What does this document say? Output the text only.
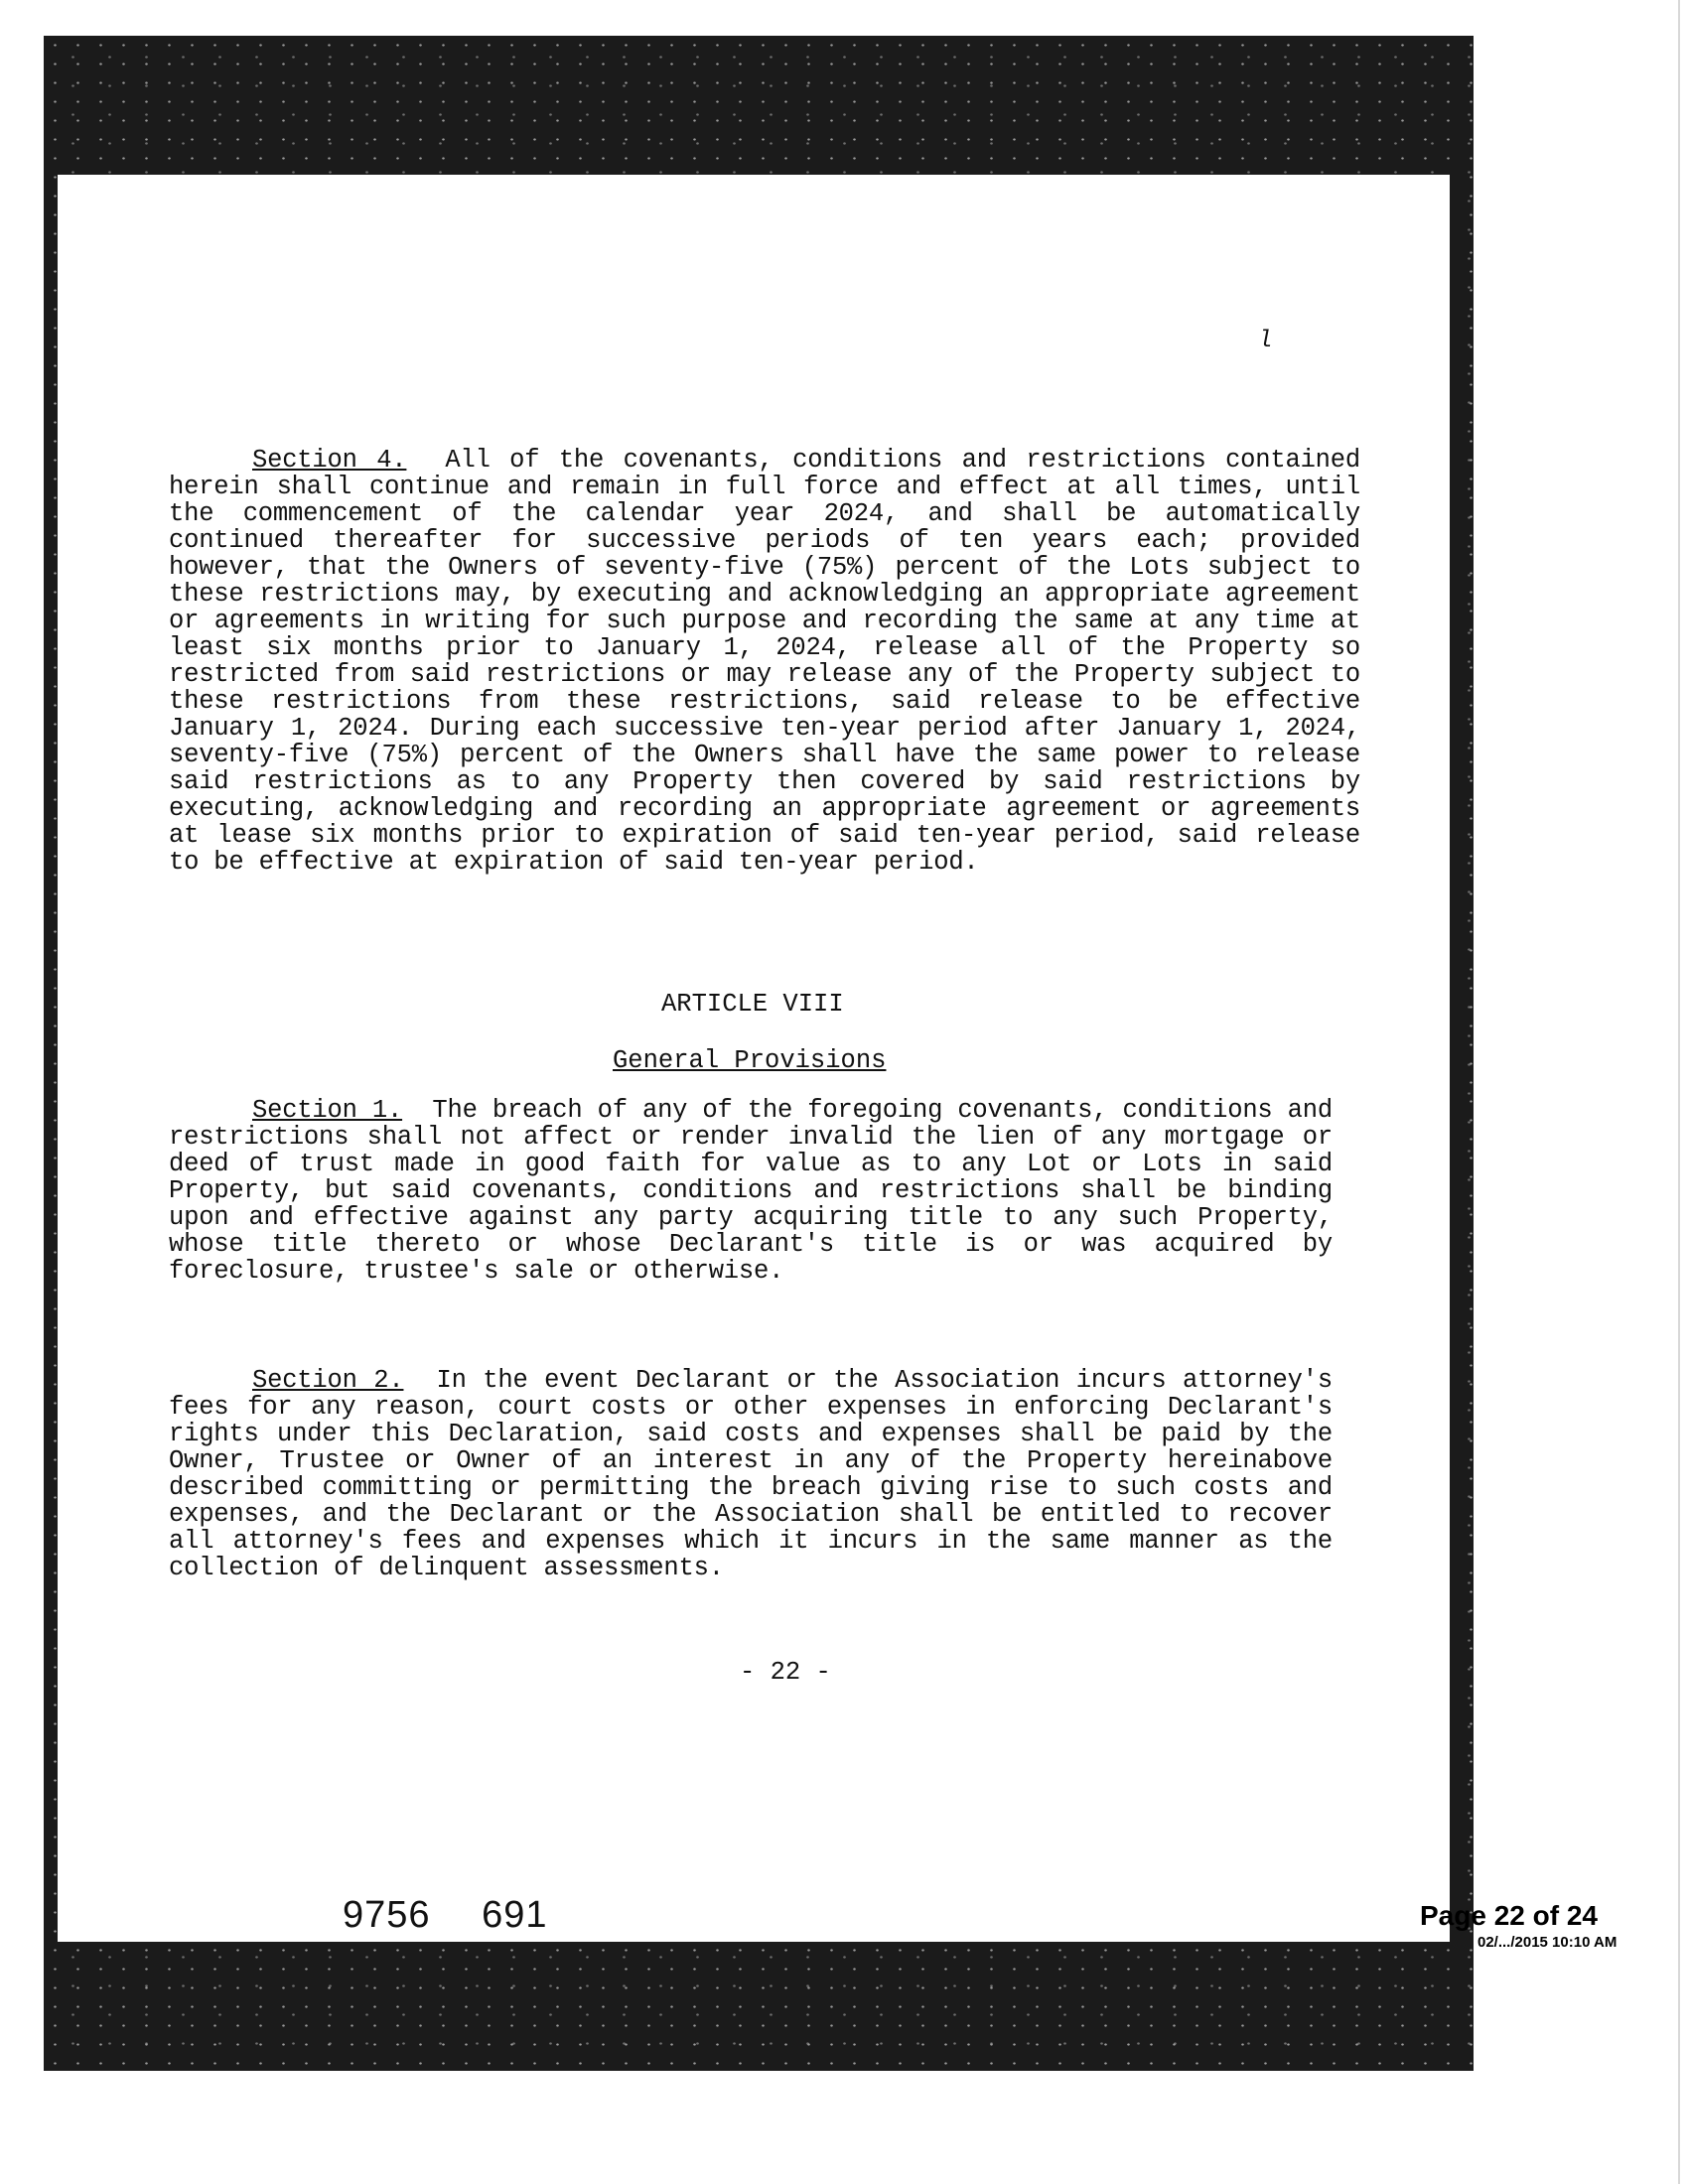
l

Section 4. All of the covenants, conditions and restrictions contained herein shall continue and remain in full force and effect at all times, until the commencement of the calendar year 2024, and shall be automatically continued thereafter for successive periods of ten years each; provided however, that the Owners of seventy-five (75%) percent of the Lots subject to these restrictions may, by executing and acknowledging an appropriate agreement or agreements in writing for such purpose and recording the same at any time at least six months prior to January 1, 2024, release all of the Property so restricted from said restrictions or may release any of the Property subject to these restrictions from these restrictions, said release to be effective January 1, 2024. During each successive ten-year period after January 1, 2024, seventy-five (75%) percent of the Owners shall have the same power to release said restrictions as to any Property then covered by said restrictions by executing, acknowledging and recording an appropriate agreement or agreements at lease six months prior to expiration of said ten-year period, said release to be effective at expiration of said ten-year period.

ARTICLE VIII
General Provisions

Section 1. The breach of any of the foregoing covenants, conditions and restrictions shall not affect or render invalid the lien of any mortgage or deed of trust made in good faith for value as to any Lot or Lots in said Property, but said covenants, conditions and restrictions shall be binding upon and effective against any party acquiring title to any such Property, whose title thereto or whose Declarant's title is or was acquired by foreclosure, trustee's sale or otherwise.

Section 2. In the event Declarant or the Association incurs attorney's fees for any reason, court costs or other expenses in enforcing Declarant's rights under this Declaration, said costs and expenses shall be paid by the Owner, Trustee or Owner of an interest in any of the Property hereinabove described committing or permitting the breach giving rise to such costs and expenses, and the Declarant or the Association shall be entitled to recover all attorney's fees and expenses which it incurs in the same manner as the collection of delinquent assessments.

- 22 -
9756 691	Page 22 of 24
02/.../2015 10:10 AM
